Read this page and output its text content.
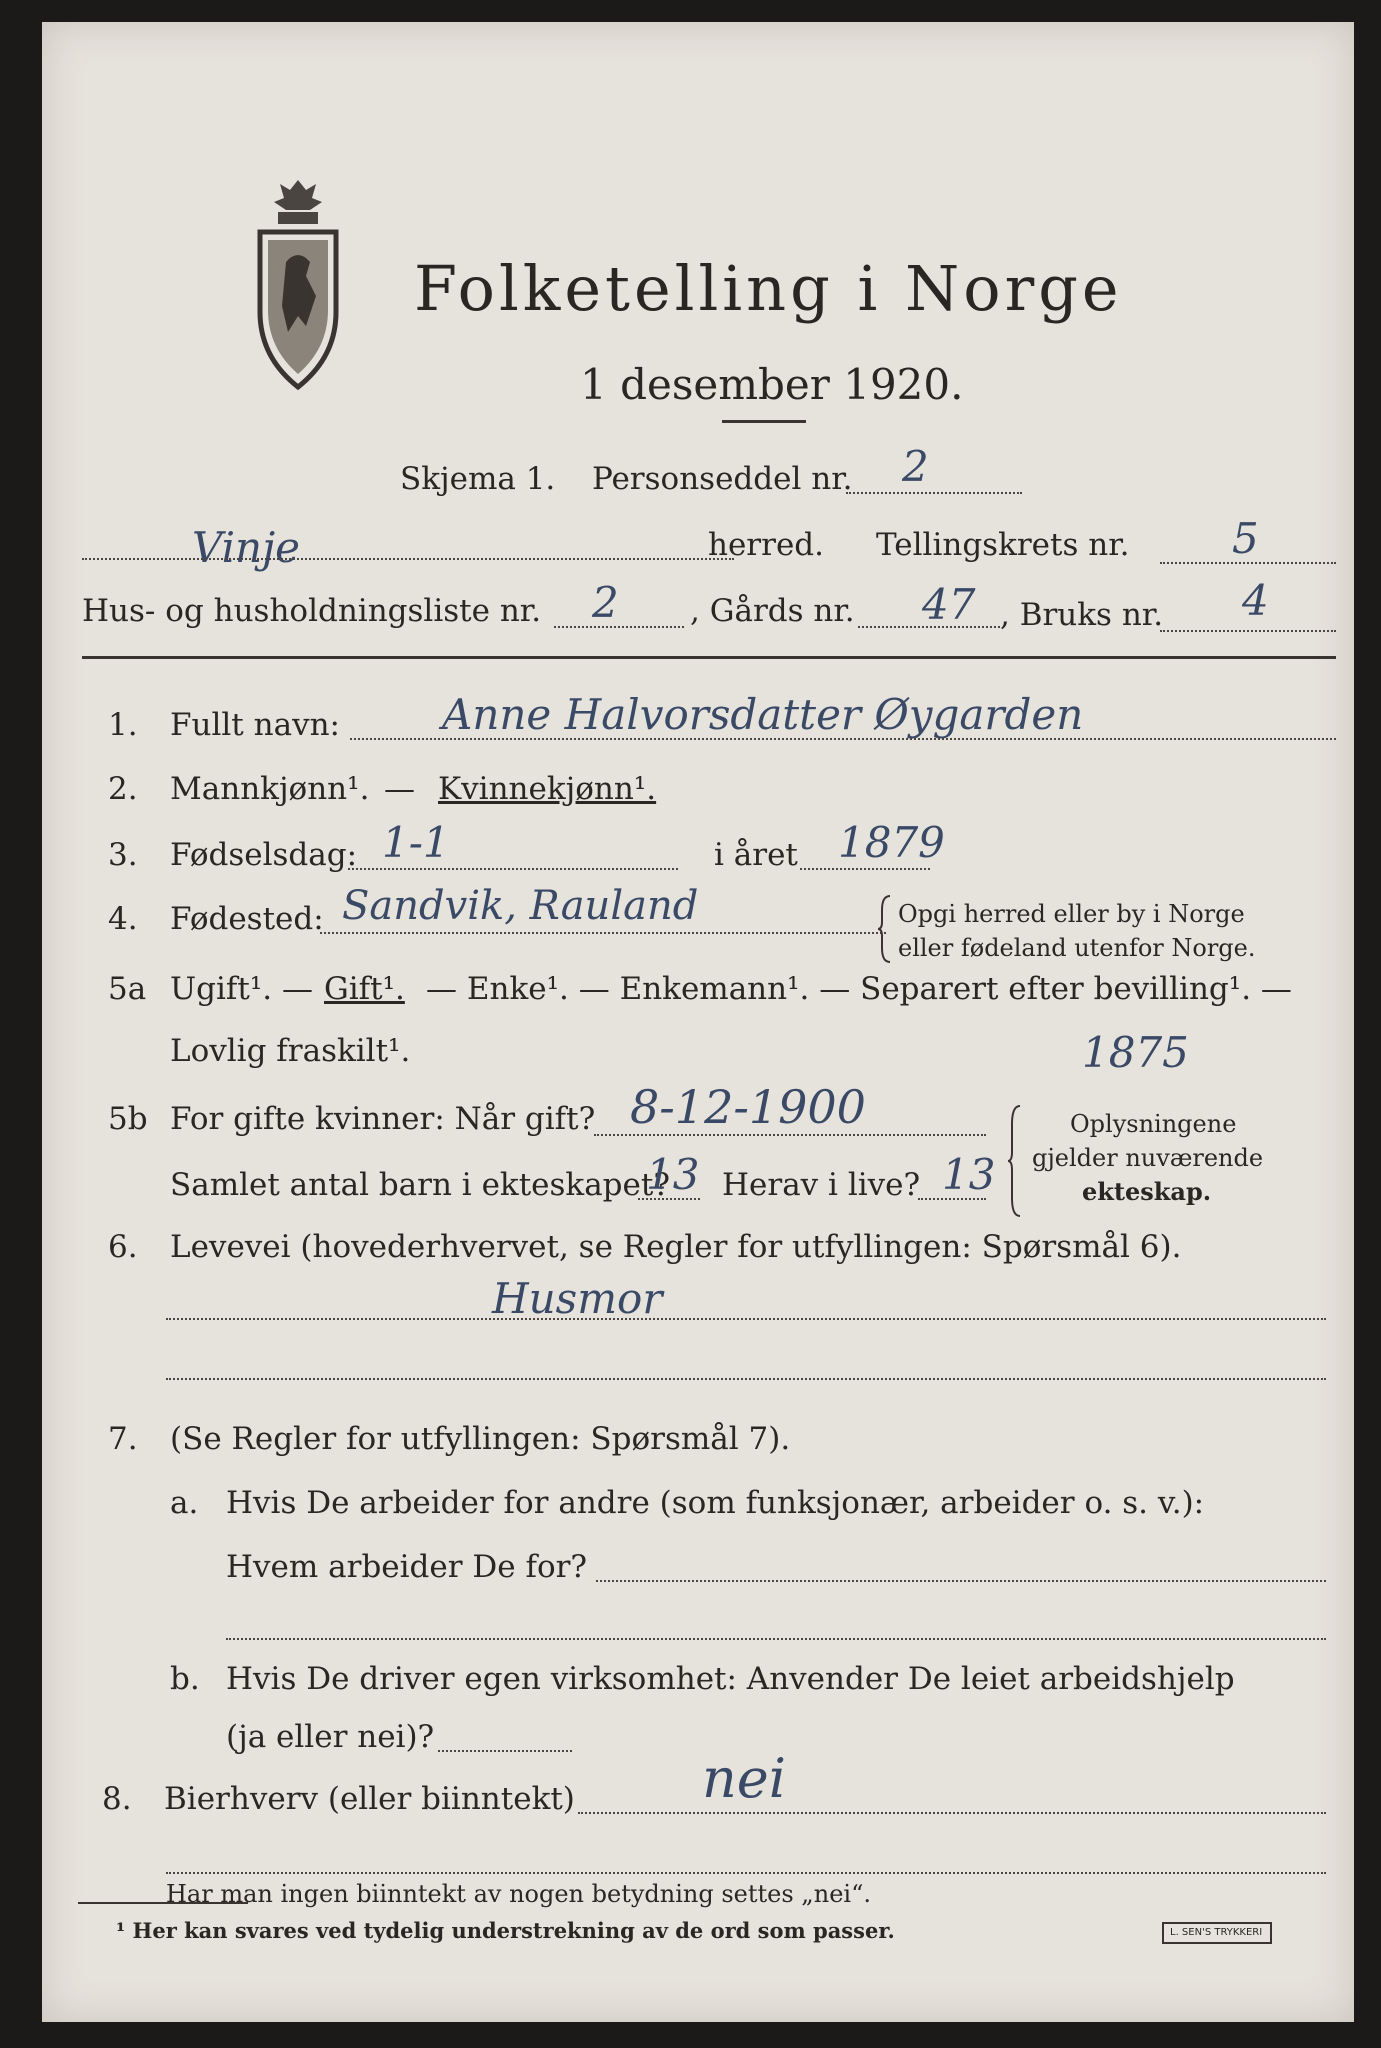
Folketelling i Norge
1 desember 1920.
Skjema 1. Personseddel nr. 2
Vinje	herred. Tellingskrets nr. 5
Hus- og husholdningsliste nr. 2 , Gårds nr. 47 , Bruks nr. 4
1. Fullt navn: Anne Halvorsdatter Øygarden
2. Mannkjønn¹. — Kvinnekjønn¹.
3. Fødselsdag: 1-1	i året 1879
4. Fødested: Sandvik, Rauland	Opgi herred eller by i Norge
eller fødeland utenfor Norge.
5a Ugift¹. — Gift¹. — Enke¹. — Enkemann¹. — Separert efter bevilling¹. —
Lovlig fraskilt¹.	1875
5b For gifte kvinner: Når gift? 8-12-1900
Samlet antal barn i ekteskapet?
13 Herav i live? 13
Oplysningene
gjelder nuværende
ekteskap.
6. Levevei (hovederhvervet, se Regler for utfyllingen: Spørsmål 6).
Husmor
7. (Se Regler for utfyllingen: Spørsmål 7).
a. Hvis De arbeider for andre (som funksjonær, arbeider o. s. v.):
Hvem arbeider De for?
b. Hvis De driver egen virksomhet: Anvender De leiet arbeidshjelp
(ja eller nei)?
8. Bierhverv (eller biinntekt) nei
Har man ingen biinntekt av nogen betydning settes „nei“.
¹ Her kan svares ved tydelig understrekning av de ord som passer.	L. SEN'S TRYKKERI
